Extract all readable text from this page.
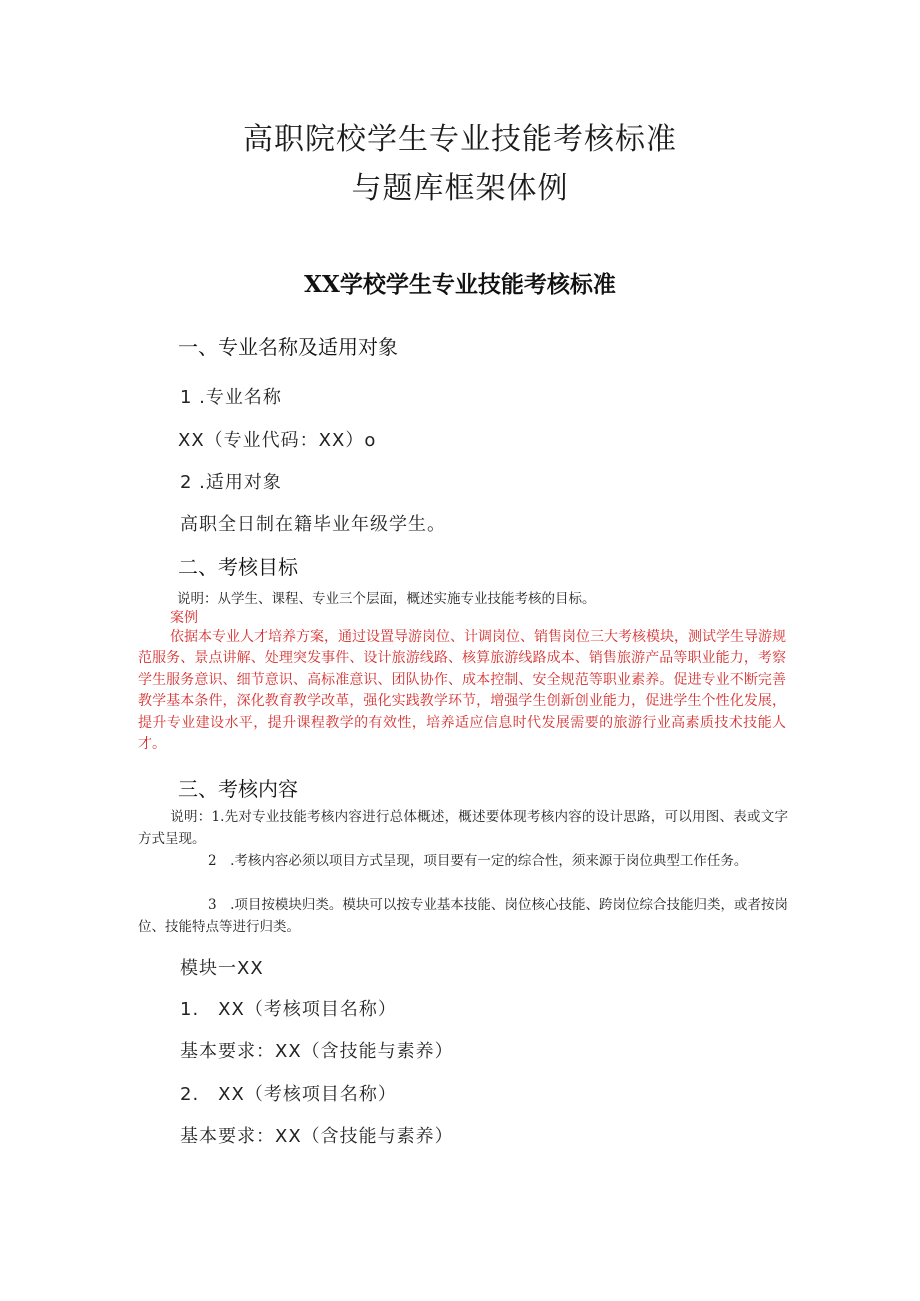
高职院校学生专业技能考核标准
与题库框架体例
XX学校学生专业技能考核标准
一、专业名称及适用对象
1 .专业名称
XX（专业代码：XX）o
2 .适用对象
高职全日制在籍毕业年级学生。
二、考核目标
说明：从学生、课程、专业三个层面，概述实施专业技能考核的目标。
案例
依据本专业人才培养方案，通过设置导游岗位、计调岗位、销售岗位三大考核模块，测试学生导游规范服务、景点讲解、处理突发事件、设计旅游线路、核算旅游线路成本、销售旅游产品等职业能力，考察学生服务意识、细节意识、高标准意识、团队协作、成本控制、安全规范等职业素养。促进专业不断完善教学基本条件，深化教育教学改革，强化实践教学环节，增强学生创新创业能力，促进学生个性化发展，提升专业建设水平，提升课程教学的有效性，培养适应信息时代发展需要的旅游行业高素质技术技能人才。
三、考核内容
说明：1.先对专业技能考核内容进行总体概述，概述要体现考核内容的设计思路，可以用图、表或文字方式呈现。
2　.考核内容必须以项目方式呈现，项目要有一定的综合性，须来源于岗位典型工作任务。
3　.项目按模块归类。模块可以按专业基本技能、岗位核心技能、跨岗位综合技能归类，或者按岗位、技能特点等进行归类。
模块一XX
1.　XX（考核项目名称）
基本要求：XX（含技能与素养）
2.　XX（考核项目名称）
基本要求：XX（含技能与素养）
